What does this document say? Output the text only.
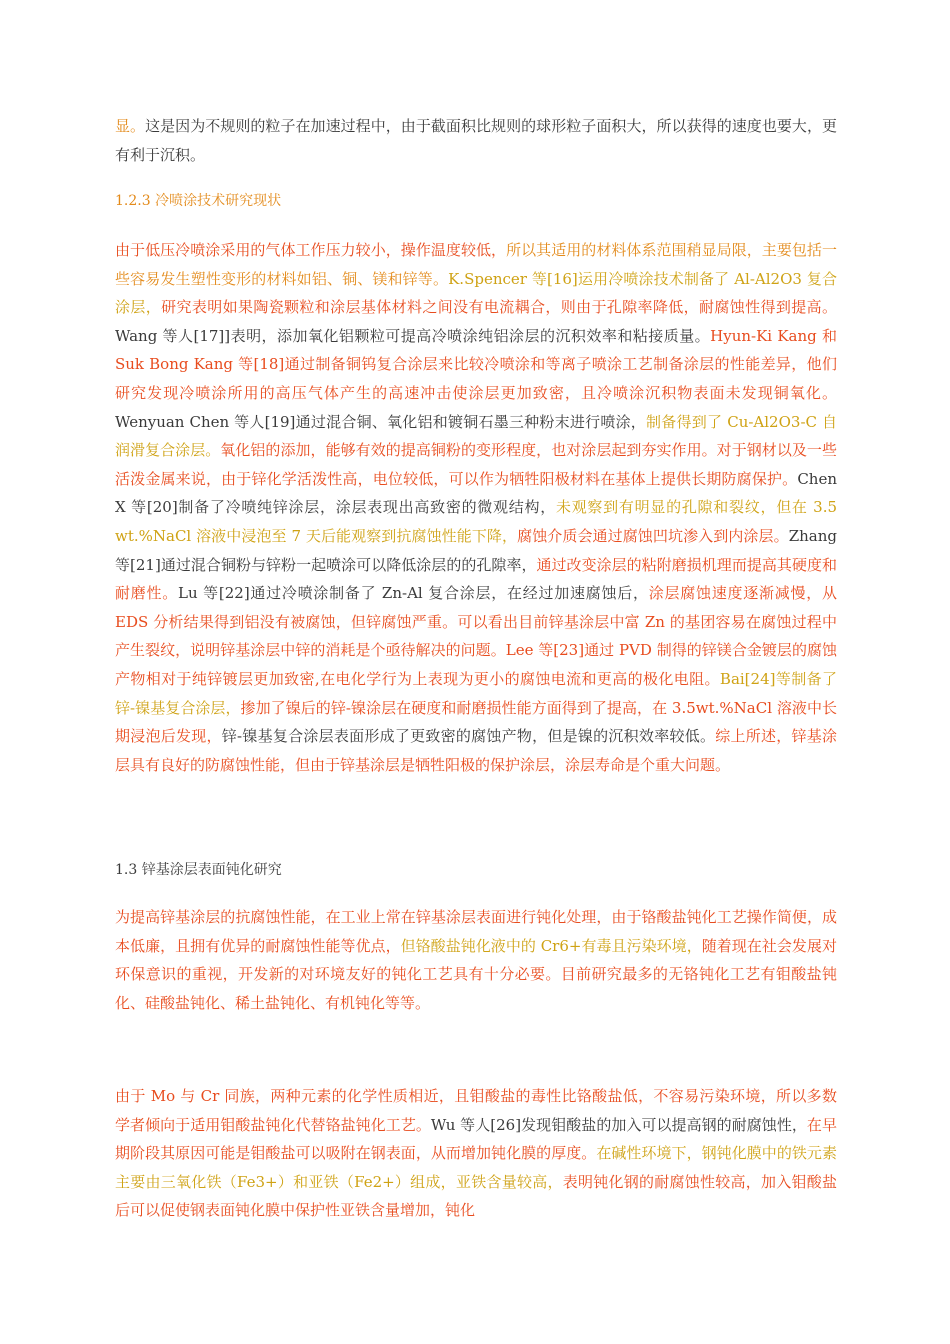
显。这是因为不规则的粒子在加速过程中，由于截面积比规则的球形粒子面积大，所以获得的速度也要大，更有利于沉积。

1.2.3 冷喷涂技术研究现状

由于低压冷喷涂采用的气体工作压力较小，操作温度较低，所以其适用的材料体系范围稍显局限，主要包括一些容易发生塑性变形的材料如铝、铜、镁和锌等。K.Spencer 等[16]运用冷喷涂技术制备了 Al-Al2O3 复合涂层，研究表明如果陶瓷颗粒和涂层基体材料之间没有电流耦合，则由于孔隙率降低，耐腐蚀性得到提高。Wang 等人[17]]表明，添加氧化铝颗粒可提高冷喷涂纯铝涂层的沉积效率和粘接质量。Hyun-Ki Kang 和 Suk Bong Kang 等[18]通过制备铜钨复合涂层来比较冷喷涂和等离子喷涂工艺制备涂层的性能差异，他们研究发现冷喷涂所用的高压气体产生的高速冲击使涂层更加致密，且冷喷涂沉积物表面未发现铜氧化。Wenyuan Chen 等人[19]通过混合铜、氧化铝和镀铜石墨三种粉末进行喷涂，制备得到了 Cu-Al2O3-C 自润滑复合涂层。氧化铝的添加，能够有效的提高铜粉的变形程度，也对涂层起到夯实作用。对于钢材以及一些活泼金属来说，由于锌化学活泼性高，电位较低，可以作为牺牲阳极材料在基体上提供长期防腐保护。Chen X 等[20]制备了冷喷纯锌涂层，涂层表现出高致密的微观结构，未观察到有明显的孔隙和裂纹，但在 3.5 wt.%NaCl 溶液中浸泡至 7 天后能观察到抗腐蚀性能下降，腐蚀介质会通过腐蚀凹坑渗入到内涂层。Zhang 等[21]通过混合铜粉与锌粉一起喷涂可以降低涂层的的孔隙率，通过改变涂层的粘附磨损机理而提高其硬度和耐磨性。Lu 等[22]通过冷喷涂制备了 Zn-Al 复合涂层，在经过加速腐蚀后，涂层腐蚀速度逐渐减慢，从 EDS 分析结果得到铝没有被腐蚀，但锌腐蚀严重。可以看出目前锌基涂层中富 Zn 的基团容易在腐蚀过程中产生裂纹，说明锌基涂层中锌的消耗是个亟待解决的问题。Lee 等[23]通过 PVD 制得的锌镁合金镀层的腐蚀产物相对于纯锌镀层更加致密,在电化学行为上表现为更小的腐蚀电流和更高的极化电阻。Bai[24]等制备了锌-镍基复合涂层，掺加了镍后的锌-镍涂层在硬度和耐磨损性能方面得到了提高，在 3.5wt.%NaCl 溶液中长期浸泡后发现，锌-镍基复合涂层表面形成了更致密的腐蚀产物，但是镍的沉积效率较低。综上所述，锌基涂层具有良好的防腐蚀性能，但由于锌基涂层是牺牲阳极的保护涂层，涂层寿命是个重大问题。

1.3 锌基涂层表面钝化研究

为提高锌基涂层的抗腐蚀性能，在工业上常在锌基涂层表面进行钝化处理，由于铬酸盐钝化工艺操作简便，成本低廉，且拥有优异的耐腐蚀性能等优点，但铬酸盐钝化液中的 Cr6+有毒且污染环境，随着现在社会发展对环保意识的重视，开发新的对环境友好的钝化工艺具有十分必要。目前研究最多的无铬钝化工艺有钼酸盐钝化、硅酸盐钝化、稀土盐钝化、有机钝化等等。

由于 Mo 与 Cr 同族，两种元素的化学性质相近，且钼酸盐的毒性比铬酸盐低，不容易污染环境，所以多数学者倾向于适用钼酸盐钝化代替铬盐钝化工艺。Wu 等人[26]发现钼酸盐的加入可以提高钢的耐腐蚀性，在早期阶段其原因可能是钼酸盐可以吸附在钢表面，从而增加钝化膜的厚度。在碱性环境下，钢钝化膜中的铁元素主要由三氧化铁（Fe3+）和亚铁（Fe2+）组成，亚铁含量较高，表明钝化钢的耐腐蚀性较高，加入钼酸盐后可以促使钢表面钝化膜中保护性亚铁含量增加，钝化
